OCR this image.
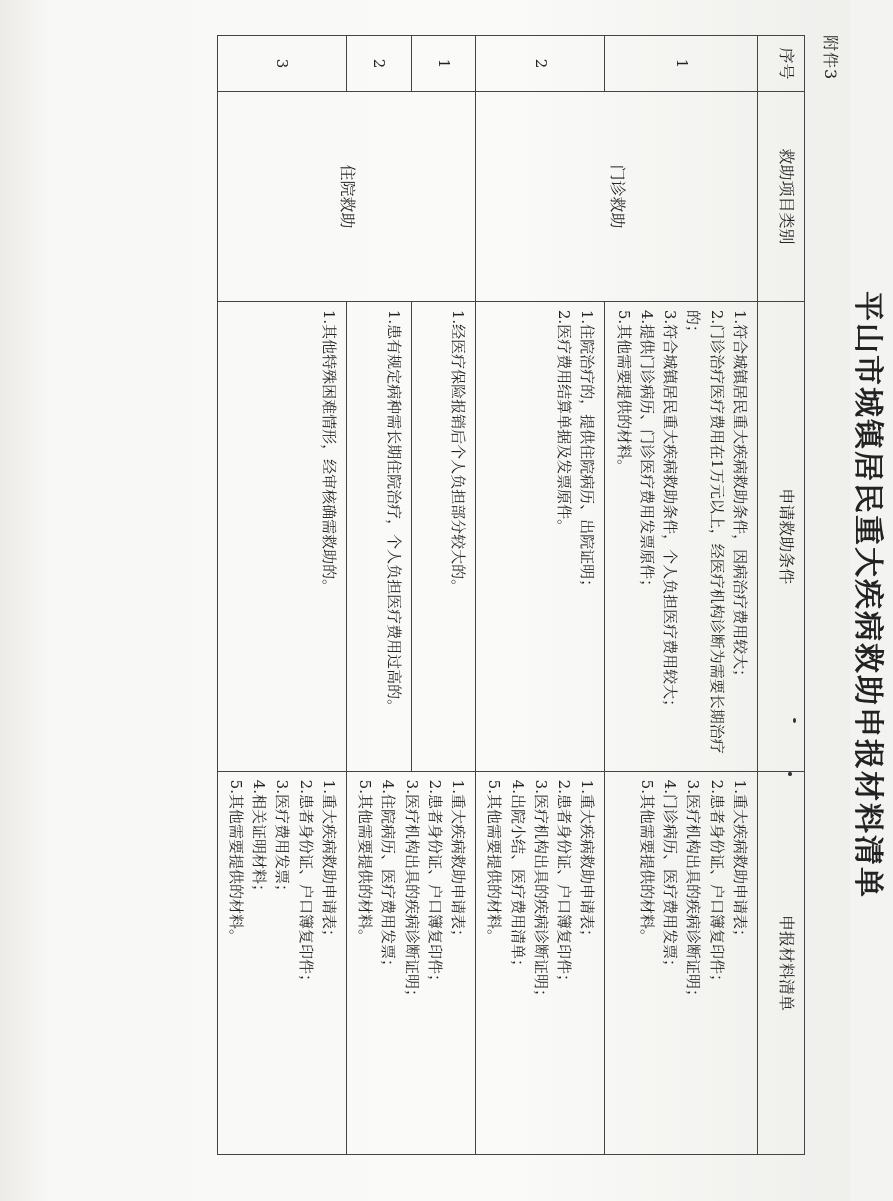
附件3
平山市城镇居民重大疾病救助申报材料清单
序号	救助项目类别	申请救助条件	申报材料清单
1	门诊救助	1.符合城镇居民重大疾病救助条件，因病治疗费用较大；
2.门诊治疗医疗费用在1万元以上，经医疗机构诊断为需要长期治疗的；
3.符合城镇居民重大疾病救助条件，个人负担医疗费用较大；
4.提供门诊病历、门诊医疗费用发票原件；
5.其他需要提供的材料。	1.重大疾病救助申请表；
2.患者身份证、户口簿复印件；
3.医疗机构出具的疾病诊断证明；
4.门诊病历、医疗费用发票；
5.其他需要提供的材料。

2		1.住院治疗的，提供住院病历、出院证明；
2.医疗费用结算单据及发票原件。	1.重大疾病救助申请表；
2.患者身份证、户口簿复印件；
3.医疗机构出具的疾病诊断证明；
4.出院小结、医疗费用清单；
5.其他需要提供的材料。

1	住院救助	1.经医疗保险报销后个人负担部分较大的。	1.重大疾病救助申请表；
2.患者身份证、户口簿复印件；
3.医疗机构出具的疾病诊断证明；
4.住院病历、医疗费用发票；
5.其他需要提供的材料。

2		1.患有规定病种需长期住院治疗，个人负担医疗费用过高的。	

3		1.其他特殊困难情形，经审核确需救助的。	1.重大疾病救助申请表；
2.患者身份证、户口簿复印件；
3.医疗费用发票；
4.相关证明材料；
5.其他需要提供的材料。
